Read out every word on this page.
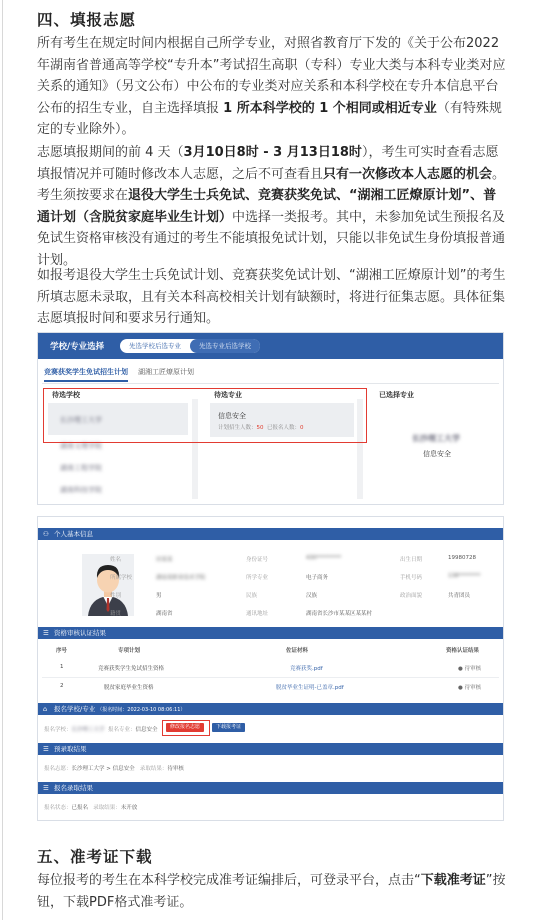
四、填报志愿
所有考生在规定时间内根据自己所学专业，对照省教育厅下发的《关于公布2022 年湖南省普通高等学校“专升本”考试招生高职（专科）专业大类与本科专业类对应关系的通知》（另文公布）中公布的专业类对应关系和本科学校在专升本信息平台公布的招生专业，自主选择填报 1 所本科学校的 1 个相同或相近专业（有特殊规定的专业除外）。
志愿填报期间的前 4 天（3月10日8时 - 3 月13日18时），考生可实时查看志愿填报情况并可随时修改本人志愿，之后不可查看且只有一次修改本人志愿的机会。考生须按要求在退役大学生士兵免试、竞赛获奖免试、“湖湘工匠燎原计划”、普通计划（含脱贫家庭毕业生计划）中选择一类报考。其中，未参加免试生预报名及免试生资格审核没有通过的考生不能填报免试计划，只能以非免试生身份填报普通计划。
如报考退役大学生士兵免试计划、竞赛获奖免试计划、“湖湘工匠燎原计划”的考生所填志愿未录取，且有关本科高校相关计划有缺额时，将进行征集志愿。具体征集志愿填报时间和要求另行通知。
学校/专业选择	先选学校后选专业	先选专业后选学校
竞赛获奖学生免试招生计划 湖湘工匠燎原计划
待选学校	待选专业	已选择专业
长沙理工大学
湖南文理学院
湖南工程学院
湖南科技学院
信息安全
计划招生人数：50 已报名人数：0
长沙理工大学
信息安全
⚇ 个人基本信息
姓名	田某某	身份证号	430*********	出生日期	19980728
所属学校	湖南某职业技术学院	所学专业	电子商务	手机号码	138********
性别	男	民族	汉族	政治面貌	共青团员
籍贯	湖南省	通讯地址	湖南省长沙市某某区某某村
☰ 资格审核认证结果
序号	专项计划	佐证材料	资格认证结果
1	竞赛获奖学生免试招生资格	竞赛获奖.pdf	● 待审核
2	脱贫家庭毕业生资格	脱贫毕业生证明-已盖章.pdf	● 待审核
⌂ 报名学校/专业 （报名时间：2022-03-10 08:06:11）
报名学校：长沙理工大学 报名专业：信息安全	修改报名志愿	下载报考证
☰ 预录取结果
报名志愿：长沙理工大学 > 信息安全 录取结果：待审核
☰ 报名录取结果
报名状态：已报名 录取结果：未开放
五、准考证下载
每位报考的考生在本科学校完成准考证编排后，可登录平台，点击“下载准考证”按钮，下载PDF格式准考证。
